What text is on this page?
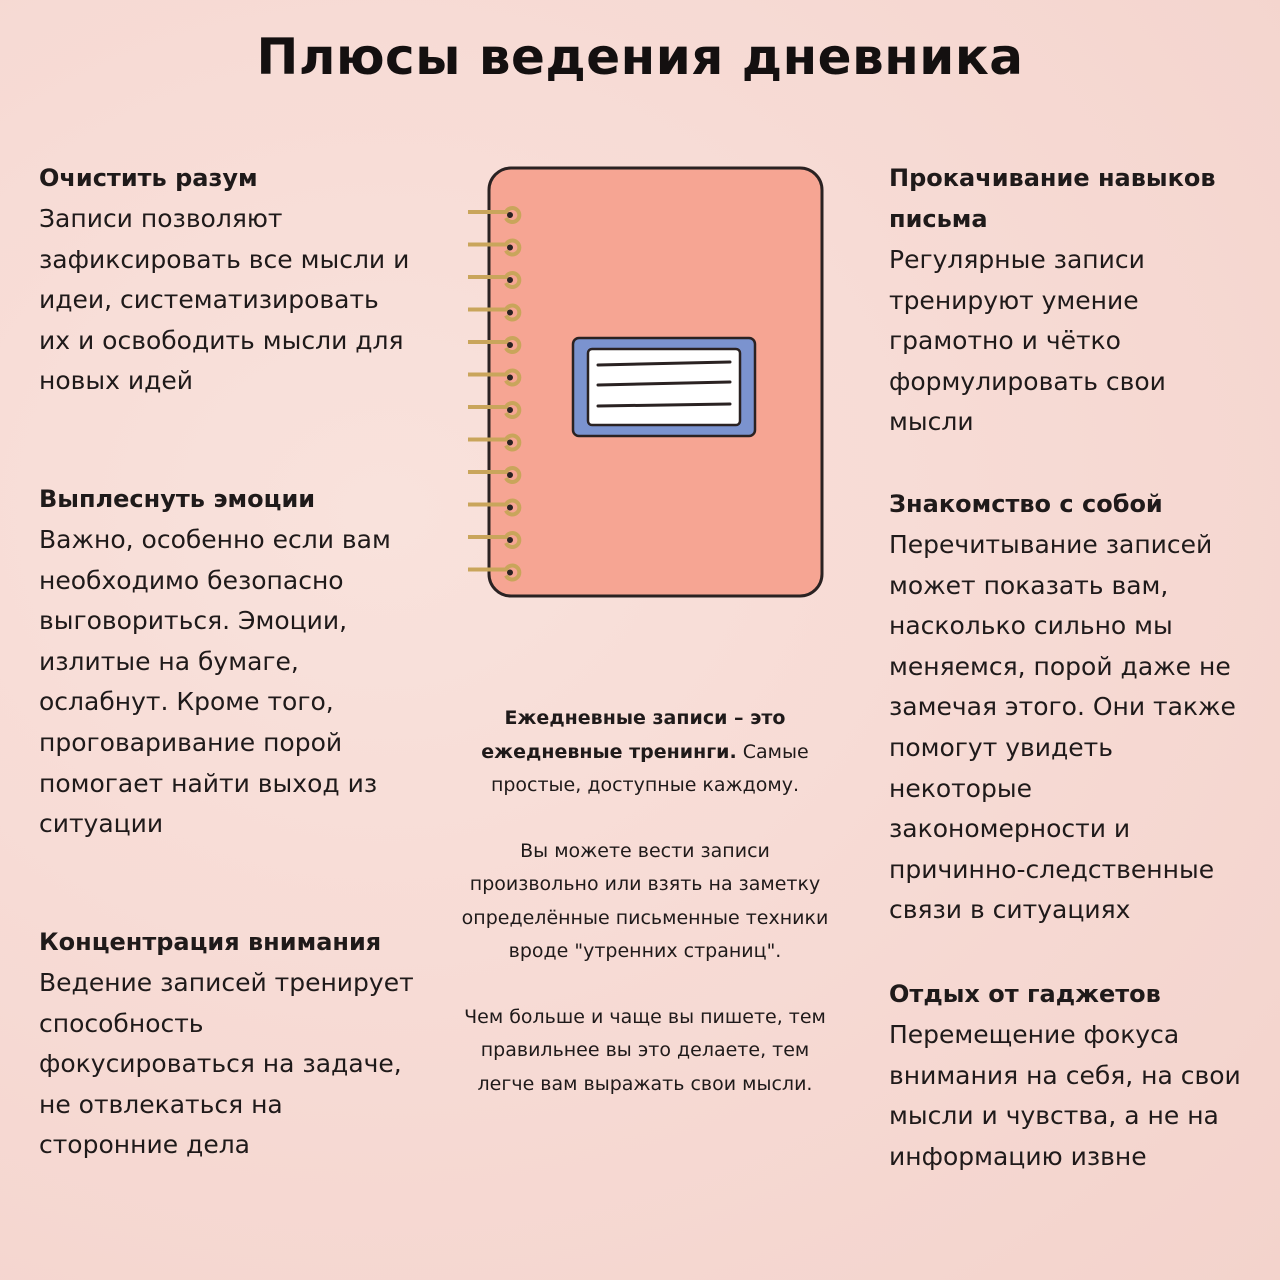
Плюсы ведения дневника
Очистить разум

Записи позволяют зафиксировать все мысли и идеи, систематизировать их и освободить мысли для новых идей

Выплеснуть эмоции

Важно, особенно если вам необходимо безопасно выговориться. Эмоции, излитые на бумаге, ослабнут. Кроме того, проговаривание порой помогает найти выход из ситуации

Концентрация внимания

Ведение записей тренирует способность фокусироваться на задаче, не отвлекаться на сторонние дела

Прокачивание навыков письма

Регулярные записи тренируют умение грамотно и чётко формулировать свои мысли

Знакомство с собой

Перечитывание записей может показать вам, насколько сильно мы меняемся, порой даже не замечая этого. Они также помогут увидеть некоторые закономерности и причинно-следственные связи в ситуациях

Отдых от гаджетов

Перемещение фокуса внимания на себя, на свои мысли и чувства, а не на информацию извне

Ежедневные записи – это ежедневные тренинги. Самые простые, доступные каждому.

Вы можете вести записи произвольно или взять на заметку определённые письменные техники вроде "утренних страниц".

Чем больше и чаще вы пишете, тем правильнее вы это делаете, тем легче вам выражать свои мысли.
